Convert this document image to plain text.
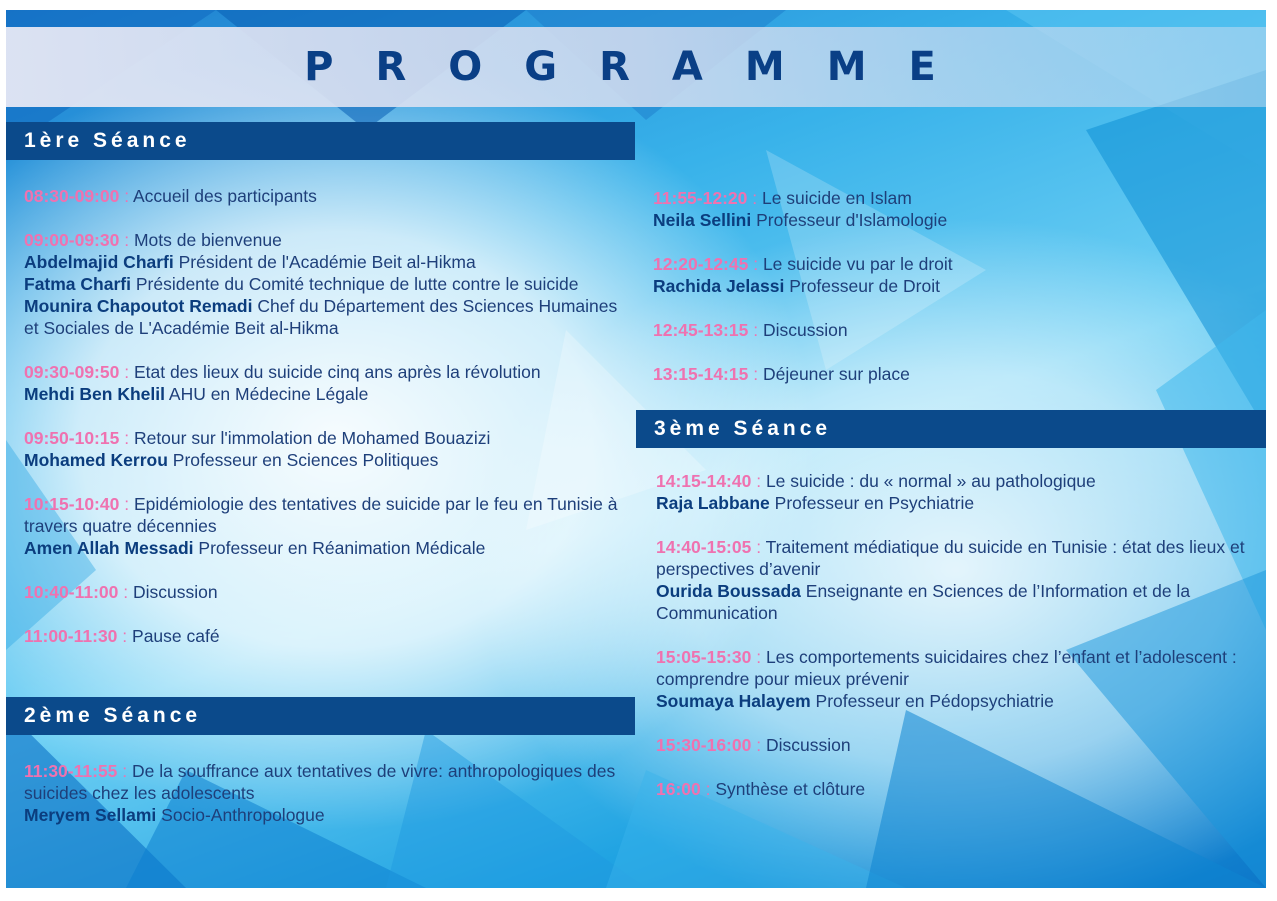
PROGRAMME
1ère Séance
2ème Séance
3ème Séance
08:30-09:00 : Accueil des participants
09:00-09:30 : Mots de bienvenue
Abdelmajid Charfi Président de l'Académie Beit al-Hikma
Fatma Charfi Présidente du Comité technique de lutte contre le suicide
Mounira Chapoutot Remadi Chef du Département des Sciences Humaines et Sociales de L'Académie Beit al-Hikma
09:30-09:50 : Etat des lieux du suicide cinq ans après la révolution
Mehdi Ben Khelil AHU en Médecine Légale
09:50-10:15 : Retour sur l'immolation de Mohamed Bouazizi
Mohamed Kerrou Professeur en Sciences Politiques
10:15-10:40 : Epidémiologie des tentatives de suicide par le feu en Tunisie à travers quatre décennies
Amen Allah Messadi Professeur en Réanimation Médicale
10:40-11:00 : Discussion
11:00-11:30 : Pause café
11:30-11:55 : De la souffrance aux tentatives de vivre: anthropologiques des suicides chez les adolescents
Meryem Sellami Socio-Anthropologue
11:55-12:20 : Le suicide en Islam
Neila Sellini Professeur d'Islamologie
12:20-12:45 : Le suicide vu par le droit
Rachida Jelassi Professeur de Droit
12:45-13:15 : Discussion
13:15-14:15 : Déjeuner sur place
14:15-14:40 : Le suicide : du « normal » au pathologique
Raja Labbane Professeur en Psychiatrie
14:40-15:05 : Traitement médiatique du suicide en Tunisie : état des lieux et perspectives d’avenir
Ourida Boussada Enseignante en Sciences de l’Information et de la Communication
15:05-15:30 : Les comportements suicidaires chez l’enfant et l’adolescent : comprendre pour mieux prévenir
Soumaya Halayem Professeur en Pédopsychiatrie
15:30-16:00 : Discussion
16:00 : Synthèse et clôture
